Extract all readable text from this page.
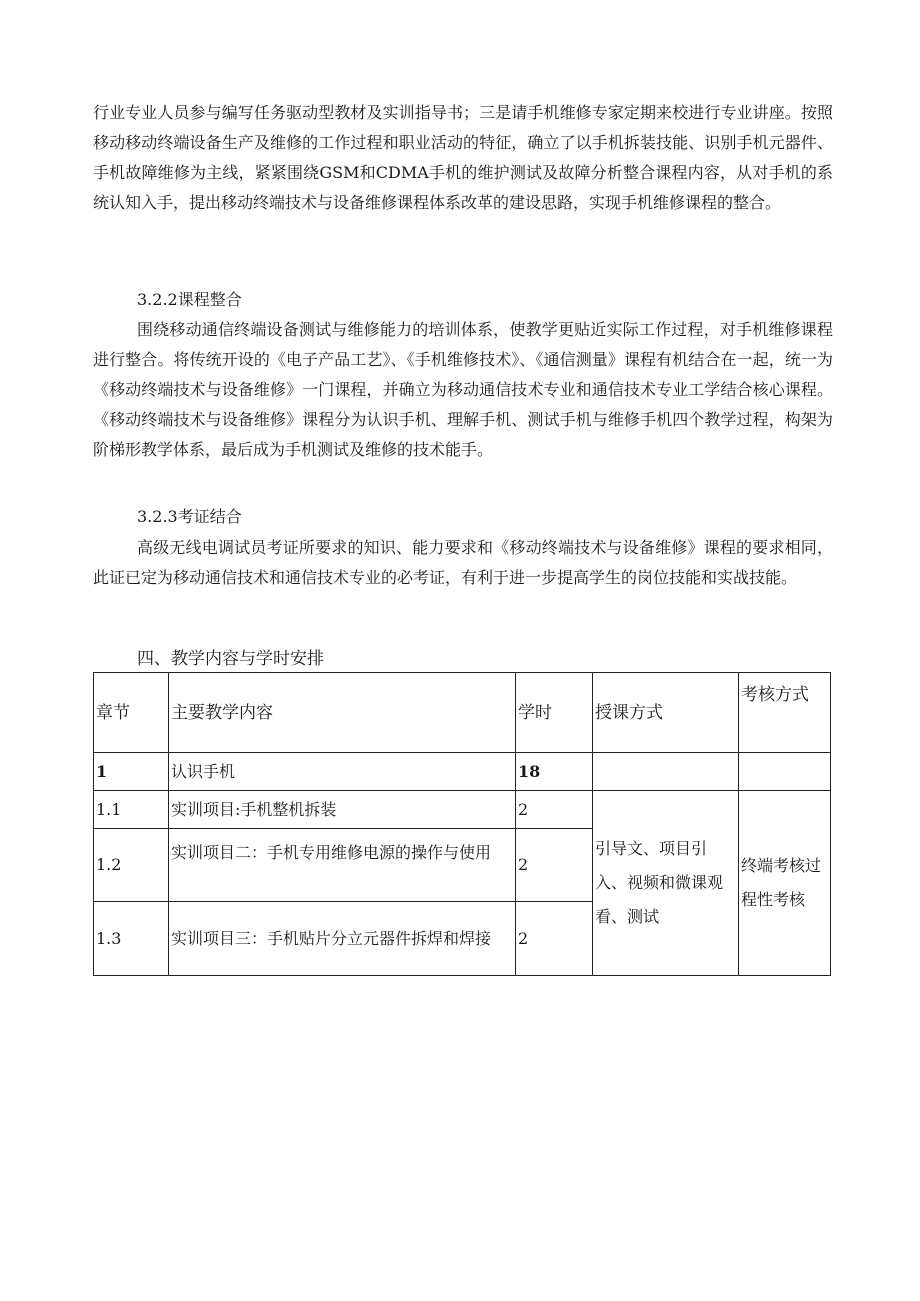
行业专业人员参与编写任务驱动型教材及实训指导书；三是请手机维修专家定期来校进行专业讲座。按照移动移动终端设备生产及维修的工作过程和职业活动的特征，确立了以手机拆装技能、识别手机元器件、手机故障维修为主线，紧紧围绕GSM和CDMA手机的维护测试及故障分析整合课程内容，从对手机的系统认知入手，提出移动终端技术与设备维修课程体系改革的建设思路，实现手机维修课程的整合。

3.2.2课程整合

围绕移动通信终端设备测试与维修能力的培训体系，使教学更贴近实际工作过程，对手机维修课程进行整合。将传统开设的《电子产品工艺》、《手机维修技术》、《通信测量》课程有机结合在一起，统一为《移动终端技术与设备维修》一门课程，并确立为移动通信技术专业和通信技术专业工学结合核心课程。《移动终端技术与设备维修》课程分为认识手机、理解手机、测试手机与维修手机四个教学过程，构架为阶梯形教学体系，最后成为手机测试及维修的技术能手。

3.2.3考证结合

高级无线电调试员考证所要求的知识、能力要求和《移动终端技术与设备维修》课程的要求相同，此证已定为移动通信技术和通信技术专业的必考证，有利于进一步提高学生的岗位技能和实战技能。

四、教学内容与学时安排

章节	主要教学内容	学时	授课方式	考核方式
1	认识手机	18		
1.1	实训项目:手机整机拆装	2	引导文、项目引入、视频和微课观看、测试	终端考核过程性考核
1.2	实训项目二：手机专用维修电源的操作与使用	2		
1.3	实训项目三：手机贴片分立元器件拆焊和焊接	2		
